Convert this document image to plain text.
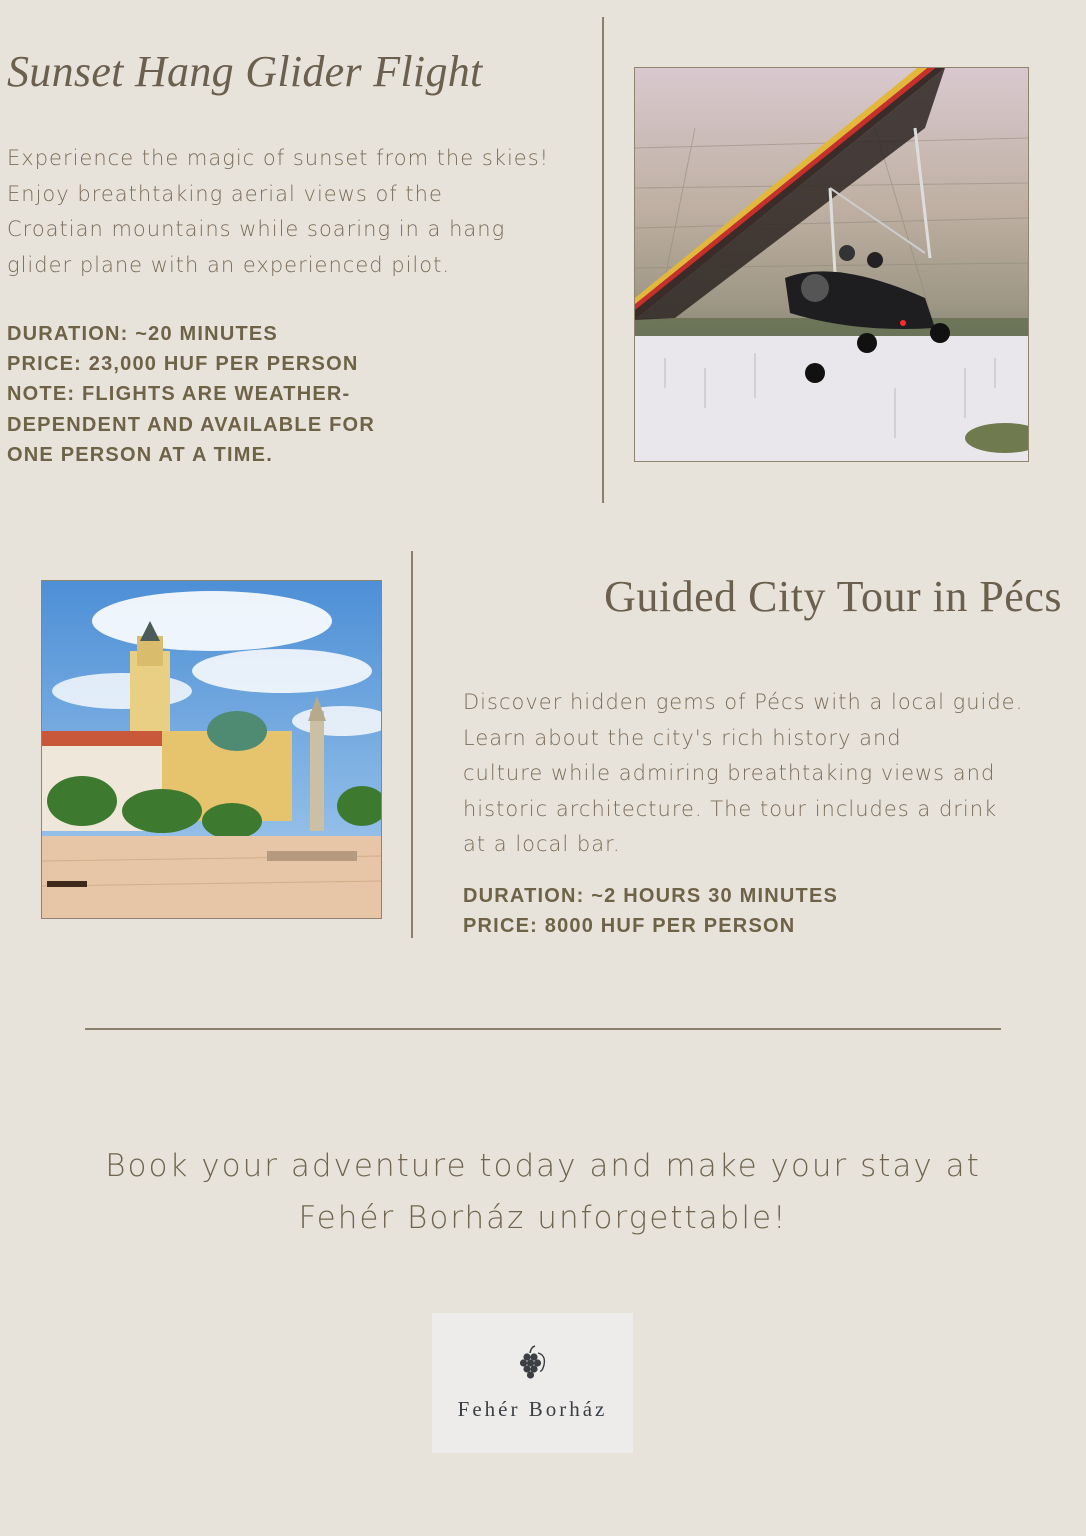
Sunset Hang Glider Flight
Experience the magic of sunset from the skies!
Enjoy breathtaking aerial views of the
Croatian mountains while soaring in a hang
glider plane with an experienced pilot.
DURATION: ~20 MINUTES
PRICE: 23,000 HUF PER PERSON
NOTE: FLIGHTS ARE WEATHER-
DEPENDENT AND AVAILABLE FOR
ONE PERSON AT A TIME.
Guided City Tour in Pécs
Discover hidden gems of Pécs with a local guide.
Learn about the city's rich history and
culture while admiring breathtaking views and
historic architecture. The tour includes a drink
at a local bar.
DURATION: ~2 HOURS 30 MINUTES
PRICE: 8000 HUF PER PERSON
Book your adventure today and make your stay at
Fehér Borház unforgettable!
Fehér Borház
